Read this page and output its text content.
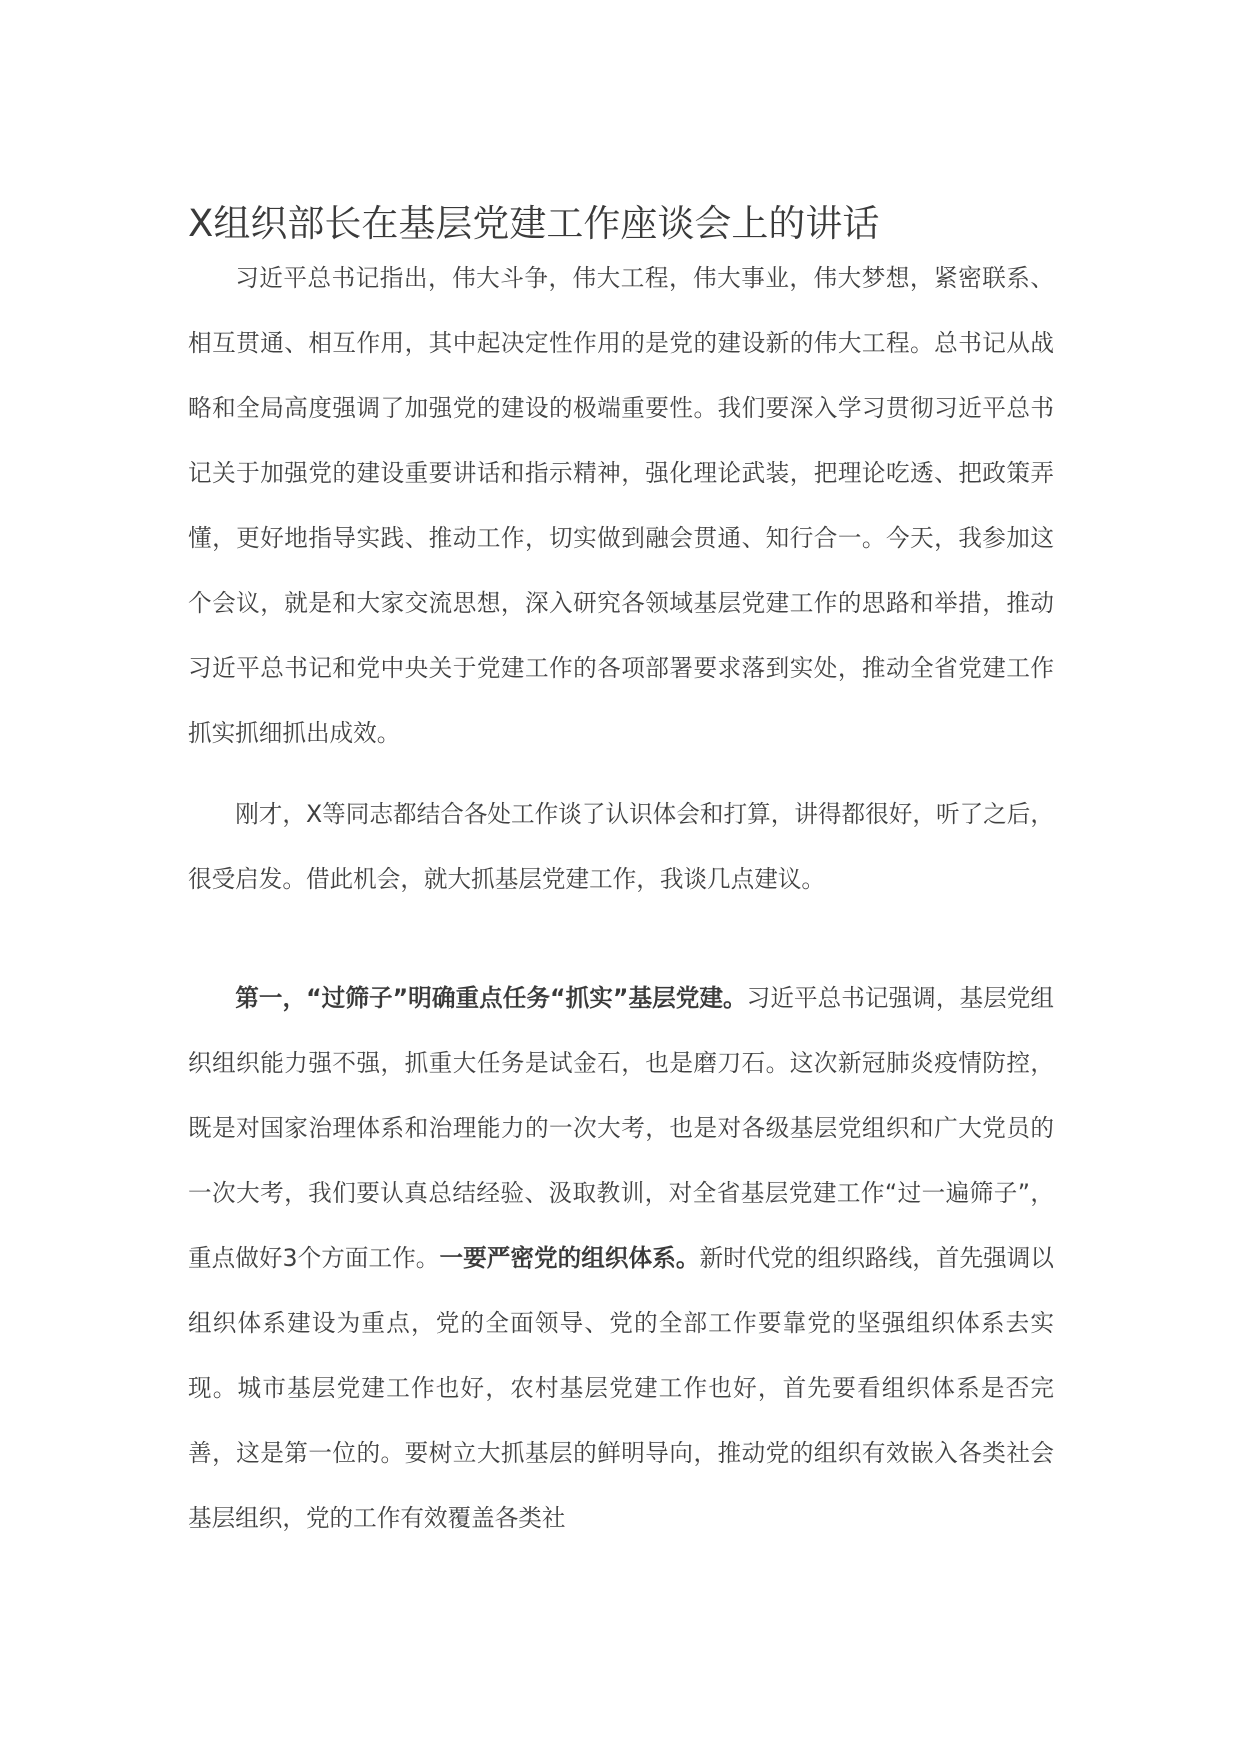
X组织部长在基层党建工作座谈会上的讲话

习近平总书记指出，伟大斗争，伟大工程，伟大事业，伟大梦想，紧密联系、相互贯通、相互作用，其中起决定性作用的是党的建设新的伟大工程。总书记从战略和全局高度强调了加强党的建设的极端重要性。我们要深入学习贯彻习近平总书记关于加强党的建设重要讲话和指示精神，强化理论武装，把理论吃透、把政策弄懂，更好地指导实践、推动工作，切实做到融会贯通、知行合一。今天，我参加这个会议，就是和大家交流思想，深入研究各领域基层党建工作的思路和举措，推动习近平总书记和党中央关于党建工作的各项部署要求落到实处，推动全省党建工作抓实抓细抓出成效。

刚才，X等同志都结合各处工作谈了认识体会和打算，讲得都很好，听了之后，很受启发。借此机会，就大抓基层党建工作，我谈几点建议。

第一，“过筛子”明确重点任务“抓实”基层党建。习近平总书记强调，基层党组织组织能力强不强，抓重大任务是试金石，也是磨刀石。这次新冠肺炎疫情防控，既是对国家治理体系和治理能力的一次大考，也是对各级基层党组织和广大党员的一次大考，我们要认真总结经验、汲取教训，对全省基层党建工作“过一遍筛子”，重点做好3个方面工作。一要严密党的组织体系。新时代党的组织路线，首先强调以组织体系建设为重点，党的全面领导、党的全部工作要靠党的坚强组织体系去实现。城市基层党建工作也好，农村基层党建工作也好，首先要看组织体系是否完善，这是第一位的。要树立大抓基层的鲜明导向，推动党的组织有效嵌入各类社会基层组织，党的工作有效覆盖各类社
